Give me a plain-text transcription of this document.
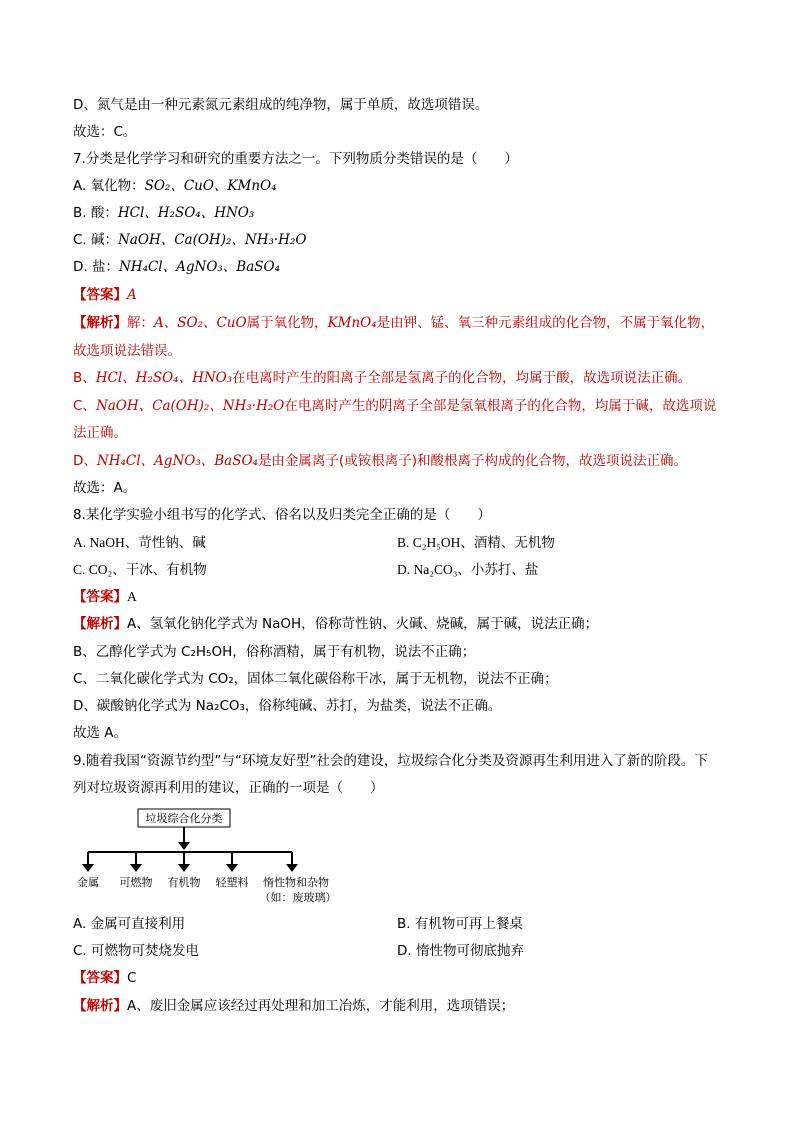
D、氮气是由一种元素氮元素组成的纯净物，属于单质，故选项错误。
故选：C。
7.分类是化学学习和研究的重要方法之一。下列物质分类错误的是（　　）
A. 氧化物：SO₂、CuO、KMnO₄
B. 酸：HCl、H₂SO₄、HNO₃
C. 碱：NaOH、Ca(OH)₂、NH₃·H₂O
D. 盐：NH₄Cl、AgNO₃、BaSO₄
【答案】A
【解析】解：A、SO₂、CuO属于氧化物，KMnO₄是由钾、锰、氧三种元素组成的化合物，不属于氧化物，
故选项说法错误。
B、HCl、H₂SO₄、HNO₃在电离时产生的阳离子全部是氢离子的化合物，均属于酸，故选项说法正确。
C、NaOH、Ca(OH)₂、NH₃·H₂O在电离时产生的阴离子全部是氢氧根离子的化合物，均属于碱，故选项说
法正确。
D、NH₄Cl、AgNO₃、BaSO₄是由金属离子(或铵根离子)和酸根离子构成的化合物，故选项说法正确。
故选：A。
8.某化学实验小组书写的化学式、俗名以及归类完全正确的是（　　）
A. NaOH、苛性钠、碱	B. C₂H₅OH、酒精、无机物
C. CO₂、干冰、有机物	D. Na₂CO₃、小苏打、盐
【答案】A
【解析】A、氢氧化钠化学式为 NaOH，俗称苛性钠、火碱、烧碱，属于碱，说法正确；
B、乙醇化学式为 C₂H₅OH，俗称酒精，属于有机物，说法不正确；
C、二氧化碳化学式为 CO₂，固体二氧化碳俗称干冰，属于无机物，说法不正确；
D、碳酸钠化学式为 Na₂CO₃，俗称纯碱、苏打，为盐类，说法不正确。
故选 A。
9.随着我国“资源节约型”与“环境友好型”社会的建设，垃圾综合化分类及资源再生利用进入了新的阶段。下
列对垃圾资源再利用的建议，正确的一项是（　　）
垃圾综合化分类
金属 可燃物 有机物 轻塑料 惰性物和杂物
（如：废玻璃）
A. 金属可直接利用	B. 有机物可再上餐桌
C. 可燃物可焚烧发电	D. 惰性物可彻底抛弃
【答案】C
【解析】A、废旧金属应该经过再处理和加工冶炼，才能利用，选项错误；
